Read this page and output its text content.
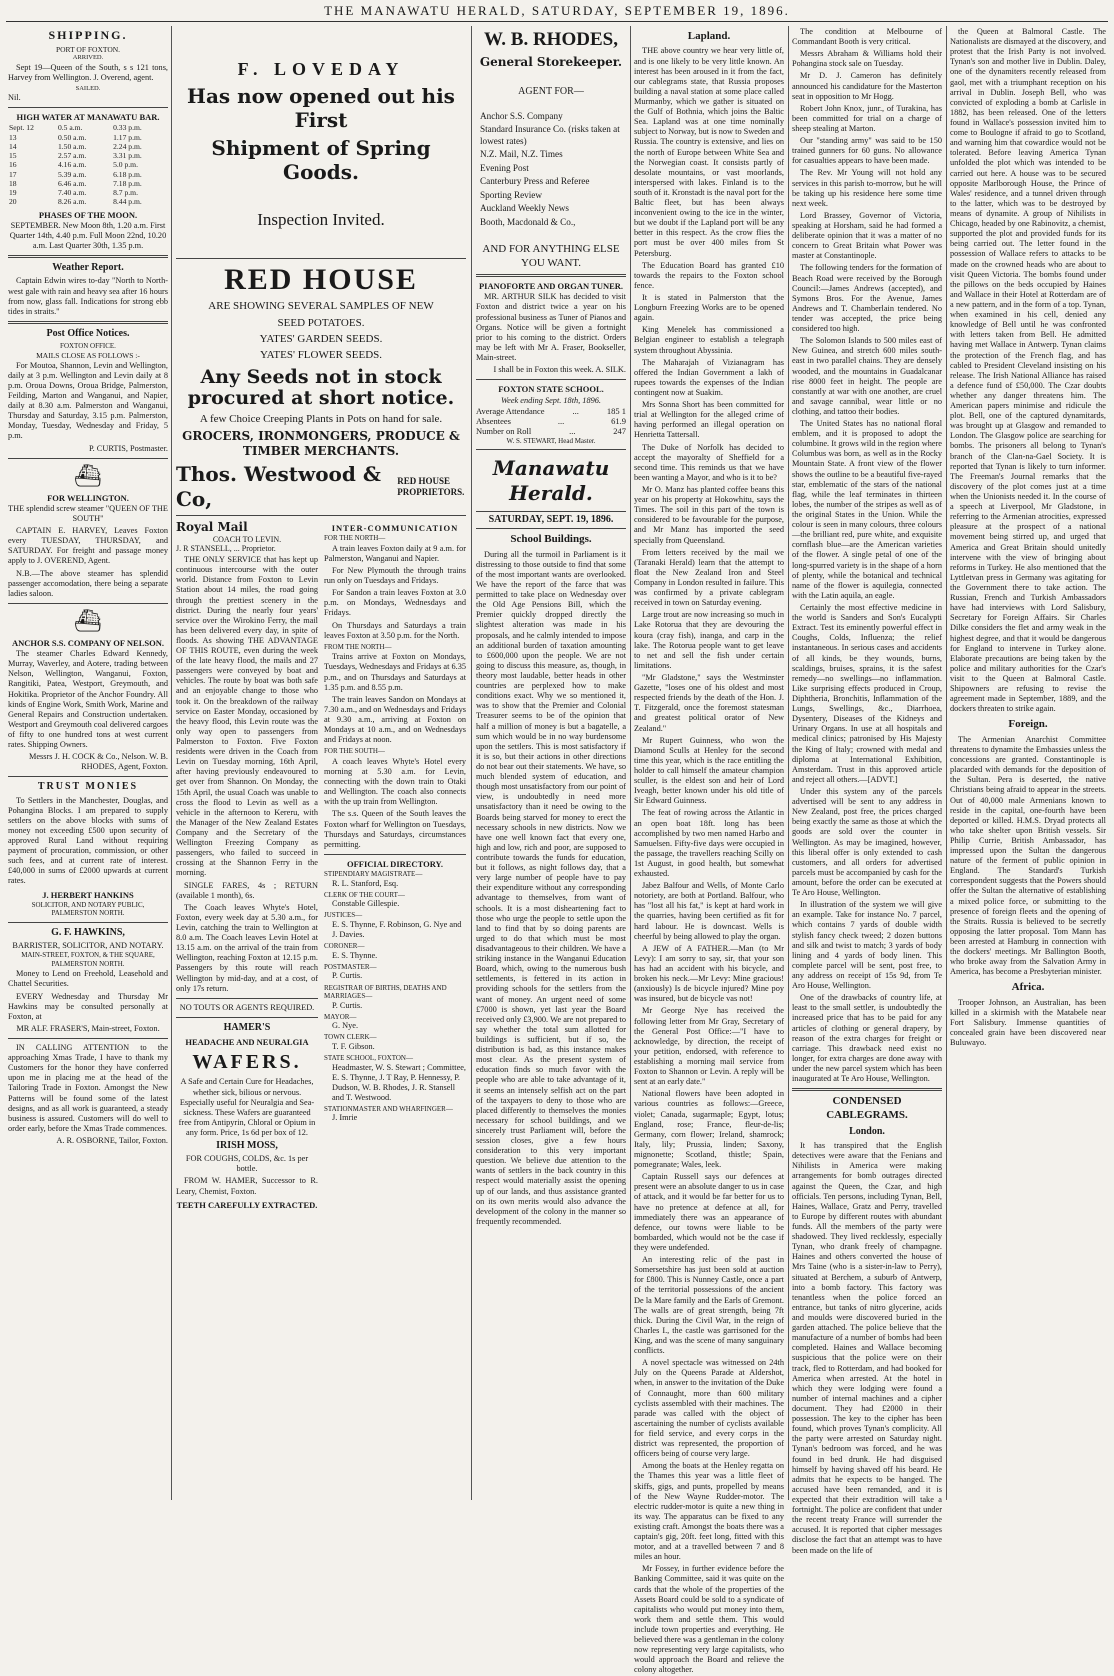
THE MANAWATU HERALD, SATURDAY, SEPTEMBER 19, 1896.
SHIPPING.
PORT OF FOXTON.
ARRIVED.

Sept 19—Queen of the South, s s 121 tons, Harvey from Wellington. J. Overend, agent.

SAILED.
Nil.
HIGH WATER AT MANAWATU BAR.
Sept. 12	0.5 a.m.	0.33 p.m.
13	0.50 a.m.	1.17 p.m.
14	1.50 a.m.	2.24 p.m.
15	2.57 a.m.	3.31 p.m.
16	4.16 a.m.	5.0 p.m.
17	5.39 a.m.	6.18 p.m.
18	6.46 a.m.	7.18 p.m.
19	7.40 a.m.	8.7 p.m.
20	8.26 a.m.	8.44 p.m.
PHASES OF THE MOON.

SEPTEMBER. New Moon 8th, 1.20 a.m. First Quarter 14th, 4.40 p.m. Full Moon 22nd, 10.20 a.m. Last Quarter 30th, 1.35 p.m.

Weather Report.

Captain Edwin wires to-day "North to North-west gale with rain and heavy sea after 16 hours from now, glass fall. Indications for strong ebb tides in straits."

Post Office Notices.
FOXTON OFFICE.
MAILS CLOSE AS FOLLOWS :-

For Moutoa, Shannon, Levin and Wellington, daily at 3 p.m. Wellington and Levin daily at 8 p.m. Oroua Downs, Oroua Bridge, Palmerston, Feilding, Marton and Wanganui, and Napier, daily at 8.30 a.m. Palmerston and Wanganui, Thursday and Saturday, 3.15 p.m. Palmerston, Monday, Tuesday, Wednesday and Friday, 5 p.m.

P. CURTIS, Postmaster.
⛴
FOR WELLINGTON.

THE splendid screw steamer "QUEEN OF THE SOUTH"

CAPTAIN E. HARVEY, Leaves Foxton every TUESDAY, THURSDAY, and SATURDAY. For freight and passage money apply to J. OVEREND, Agent.

N.B.—The above steamer has splendid passenger accomodation, there being a separate ladies saloon.

⛴
ANCHOR S.S. COMPANY OF NELSON.

The steamer Charles Edward Kennedy, Murray, Waverley, and Aotere, trading between Nelson, Wellington, Wanganui, Foxton, Rangitiki, Patea, Westport, Greymouth, and Hokitika. Proprietor of the Anchor Foundry. All kinds of Engine Work, Smith Work, Marine and General Repairs and Construction undertaken. Westport and Greymouth coal delivered cargoes of fifty to one hundred tons at west current rates. Shipping Owners.

Messrs J. H. COCK & Co., Nelson. W. B. RHODES, Agent, Foxton.

TRUST MONIES

To Settlers in the Manchester, Douglas, and Pohangina Blocks. I am prepared to supply settlers on the above blocks with sums of money not exceeding £500 upon security of approved Rural Land without requiring payment of procuration, commission, or other such fees, and at current rate of interest. £40,000 in sums of £2000 upwards at current rates.

J. HERBERT HANKINS
SOLICITOR, AND NOTARY PUBLIC, PALMERSTON NORTH.
G. F. HAWKINS,
BARRISTER, SOLICITOR, AND NOTARY.
MAIN-STREET, FOXTON, & THE SQUARE, PALMERSTON NORTH.

Money to Lend on Freehold, Leasehold and Chattel Securities.

EVERY Wednesday and Thursday Mr Hawkins may be consulted personally at Foxton, at

MR ALF. FRASER'S, Main-street, Foxton.

IN CALLING ATTENTION to the approaching Xmas Trade, I have to thank my Customers for the honor they have conferred upon me in placing me at the head of the Tailoring Trade in Foxton. Amongst the New Patterns will be found some of the latest designs, and as all work is guaranteed, a steady business is assured. Customers will do well to order early, before the Xmas Trade commences.

A. R. OSBORNE, Tailor, Foxton.

F. LOVEDAY
Has now opened out his First
Shipment of Spring Goods.
Inspection Invited.
RED HOUSE
ARE SHOWING SEVERAL SAMPLES OF NEW
SEED POTATOES.
YATES' GARDEN SEEDS.
YATES' FLOWER SEEDS.
Any Seeds not in stock procured at short notice.
A few Choice Creeping Plants in Pots on hand for sale.
GROCERS, IRONMONGERS, PRODUCE & TIMBER MERCHANTS.
Thos. Westwood & Co,
RED HOUSE PROPRIETORS.
Royal Mail
COACH TO LEVIN.
J. R STANSELL, ... Proprietor.

THE ONLY SERVICE that has kept up continuous intercourse with the outer world. Distance from Foxton to Levin Station about 14 miles, the road going through the prettiest scenery in the district. During the nearly four years' service over the Wirokino Ferry, the mail has been delivered every day, in spite of floods. As showing THE ADVANTAGE OF THIS ROUTE, even during the week of the late heavy flood, the mails and 27 passengers were conveyed by boat and vehicles. The route by boat was both safe and an enjoyable change to those who took it. On the breakdown of the railway service on Easter Monday, occasioned by the heavy flood, this Levin route was the only way open to passengers from Palmerston to Foxton. Five Foxton residents were driven in the Coach from Levin on Tuesday morning, 16th April, after having previously endeavoured to get over from Shannon. On Monday, the 15th April, the usual Coach was unable to cross the flood to Levin as well as a vehicle in the afternoon to Kereru, with the Manager of the New Zealand Estates Company and the Secretary of the Wellington Freezing Company as passengers, who failed to succeed in crossing at the Shannon Ferry in the morning.

SINGLE FARES, 4s ; RETURN (available 1 month), 6s.

The Coach leaves Whyte's Hotel, Foxton, every week day at 5.30 a.m., for Levin, catching the train to Wellington at 8.0 a.m. The Coach leaves Levin Hotel at 13.15 a.m. on the arrival of the train from Wellington, reaching Foxton at 12.15 p.m. Passengers by this route will reach Wellington by mid-day, and at a cost, of only 17s return.

NO TOUTS OR AGENTS REQUIRED.
HAMER'S
HEADACHE AND NEURALGIA
WAFERS.

A Safe and Certain Cure for Headaches, whether sick, bilious or nervous. Especially useful for Neuralgia and Sea-sickness. These Wafers are guaranteed free from Antipyrin, Chloral or Opium in any form. Price, 1s 6d per box of 12.

IRISH MOSS,

FOR COUGHS, COLDS, &c. 1s per bottle.

FROM W. HAMER, Successor to R. Leary, Chemist, Foxton.

TEETH CAREFULLY EXTRACTED.
INTER-COMMUNICATION
FOR THE NORTH—

A train leaves Foxton daily at 9 a.m. for Palmerston, Wanganui and Napier.

For New Plymouth the through trains run only on Tuesdays and Fridays.

For Sandon a train leaves Foxton at 3.0 p.m. on Mondays, Wednesdays and Fridays.

On Thursdays and Saturdays a train leaves Foxton at 3.50 p.m. for the North.

FROM THE NORTH—

Trains arrive at Foxton on Mondays, Tuesdays, Wednesdays and Fridays at 6.35 p.m., and on Thursdays and Saturdays at 1.35 p.m. and 8.55 p.m.

The train leaves Sandon on Mondays at 7.30 a.m., and on Wednesdays and Fridays at 9.30 a.m., arriving at Foxton on Mondays at 10 a.m., and on Wednesdays and Fridays at noon.

FOR THE SOUTH—

A coach leaves Whyte's Hotel every morning at 5.30 a.m. for Levin, connecting with the down train to Otaki and Wellington. The coach also connects with the up train from Wellington.

The s.s. Queen of the South leaves the Foxton wharf for Wellington on Tuesdays, Thursdays and Saturdays, circumstances permitting.

OFFICIAL DIRECTORY.
STIPENDIARY MAGISTRATE—
R. L. Stanford, Esq.
CLERK OF THE COURT—
Constable Gillespie.
JUSTICES—
E. S. Thynne, F. Robinson, G. Nye and J. Davies.
CORONER—
E. S. Thynne.
POSTMASTER—
P. Curtis.
REGISTRAR OF BIRTHS, DEATHS AND MARRIAGES—
P. Curtis.
MAYOR—
G. Nye.
TOWN CLERK—
T. F. Gibson.
STATE SCHOOL, FOXTON—
Headmaster, W. S. Stewart ; Committee, E. S. Thynne, J. T Ray, P. Hennessy, P. Dudson, W. B. Rhodes, J. R. Stansell and T. Westwood.
STATIONMASTER AND WHARFINGER—
J. Imrie
W. B. RHODES,
General Storekeeper.
AGENT FOR—
Anchor S.S. Company
Standard Insurance Co. (risks taken at lowest rates)
N.Z. Mail, N.Z. Times
Evening Post
Canterbury Press and Referee
Sporting Review
Auckland Weekly News
Booth, Macdonald & Co.,
AND FOR ANYTHING ELSE YOU WANT.
PIANOFORTE AND ORGAN TUNER.

MR. ARTHUR SILK has decided to visit Foxton and district twice a year on his professional business as Tuner of Pianos and Organs. Notice will be given a fortnight prior to his coming to the district. Orders may be left with Mr A. Fraser, Bookseller, Main-street.

I shall be in Foxton this week. A. SILK.

FOXTON STATE SCHOOL.
Week ending Sept. 18th, 1896.
Average Attendance	...	185 1
Absentees	...	61.9
Number on Roll	...	247
W. S. STEWART, Head Master.
Manawatu Herald.
SATURDAY, SEPT. 19, 1896.
School Buildings.

During all the turmoil in Parliament is it distressing to those outside to find that some of the most important wants are overlooked. We have the report of the farce that was permitted to take place on Wednesday over the Old Age Pensions Bill, which the Premier quickly dropped directly the slightest alteration was made in his proposals, and he calmly intended to impose an additional burden of taxation amounting to £600,000 upon the people. We are not going to discuss this measure, as, though, in theory most laudable, better heads in other countries are perplexed how to make conditions exact. Why we so mentioned it, was to show that the Premier and Colonial Treasurer seems to be of the opinion that half a million of money is but a bagatelle, a sum which would be in no way burdensome upon the settlers. This is most satisfactory if it is so, but their actions in other directions do not bear out their statements. We have, so much blended system of education, and though most unsatisfactory from our point of view, is undoubtedly in need more unsatisfactory than it need be owing to the Boards being starved for money to erect the necessary schools in new districts. Now we have one well known fact that every one, high and low, rich and poor, are supposed to contribute towards the funds for education, but it follows, as night follows day, that a very large number of people have to pay their expenditure without any corresponding advantage to themselves, from want of schools. It is a most disheartening fact to those who urge the people to settle upon the land to find that by so doing parents are urged to do that which must be most disadvantageous to their children. We have a striking instance in the Wanganui Education Board, which, owing to the numerous bush settlements, is fettered in its action in providing schools for the settlers from the want of money. An urgent need of some £7000 is shown, yet last year the Board received only £3,900. We are not prepared to say whether the total sum allotted for buildings is sufficient, but if so, the distribution is bad, as this instance makes most clear. As the present system of education finds so much favor with the people who are able to take advantage of it, it seems an intensely selfish act on the part of the taxpayers to deny to those who are placed differently to themselves the monies necessary for school buildings, and we sincerely trust Parliament will, before the session closes, give a few hours consideration to this very important question. We believe due attention to the wants of settlers in the back country in this respect would materially assist the opening up of our lands, and thus assistance granted on its own merits would also advance the development of the colony in the manner so frequently recommended.

Lapland.

THE above country we hear very little of, and is one likely to be very little known. An interest has been aroused in it from the fact, our cablegrams state, that Russia proposes building a naval station at some place called Murmanby, which we gather is situated on the Gulf of Bothnia, which joins the Baltic Sea. Lapland was at one time nominally subject to Norway, but is now to Sweden and Russia. The country is extensive, and lies on the north of Europe between White Sea and the Norwegian coast. It consists partly of desolate mountains, or vast moorlands, interspersed with lakes. Finland is to the south of it. Kronstadt is the naval port for the Baltic fleet, but has been always inconvenient owing to the ice in the winter, but we doubt if the Lapland port will be any better in this respect. As the crow flies the port must be over 400 miles from St Petersburg.

The Education Board has granted £10 towards the repairs to the Foxton school fence.

It is stated in Palmerston that the Longburn Freezing Works are to be opened again.

King Menelek has commissioned a Belgian engineer to establish a telegraph system throughout Abyssinia.

The Maharajah of Vizianagram has offered the Indian Government a lakh of rupees towards the expenses of the Indian contingent now at Suakim.

Mrs Sonna Short has been committed for trial at Wellington for the alleged crime of having performed an illegal operation on Henrietta Tattersall.

The Duke of Norfolk has decided to accept the mayoralty of Sheffield for a second time. This reminds us that we have been wanting a Mayor, and who is it to be?

Mr O. Manz has planted coffee beans this year on his property at Hokowhitu, says the Times. The soil in this part of the town is considered to be favourable for the purpose, and Mr Manz has imported the seed specially from Queensland.

From letters received by the mail we (Taranaki Herald) learn that the attempt to float the New Zealand Iron and Steel Company in London resulted in failure. This was confirmed by a private cablegram received in town on Saturday evening.

Large trout are now increasing so much in Lake Rotorua that they are devouring the koura (cray fish), inanga, and carp in the lake. The Rotorua people want to get leave to net and sell the fish under certain limitations.

"Mr Gladstone," says the Westminster Gazette, "loses one of his oldest and most respected friends by the death of the Hon. J. T. Fitzgerald, once the foremost statesman and greatest political orator of New Zealand."

Mr Rupert Guinness, who won the Diamond Sculls at Henley for the second time this year, which is the race entitling the holder to call himself the amateur champion sculler, is the eldest son and heir of Lord Iveagh, better known under his old title of Sir Edward Guinness.

The feat of rowing across the Atlantic in an open boat 18ft. long has been accomplished by two men named Harbo and Samuelsen. Fifty-five days were occupied in the passage, the travellers reaching Scilly on 1st August, in good health, but somewhat exhausted.

Jabez Balfour and Wells, of Monte Carlo notoriety, are both at Portland. Balfour, who has "lost all his fat," is kept at hard work in the quarries, having been certified as fit for hard labour. He is downcast. Wells is cheerful by being allowed to play the organ.

A JEW of A FATHER.—Man (to Mr Levy): I am sorry to say, sir, that your son has had an accident with his bicycle, and broken his neck.—Mr Levy: Mine gracious! (anxiously) Is de bicycle injured? Mine poy was insured, but de bicycle vas not!

Mr George Nye has received the following letter from Mr Gray, Secretary of the General Post Office:—"I have to acknowledge, by direction, the receipt of your petition, endorsed, with reference to establishing a morning mail service from Foxton to Shannon or Levin. A reply will be sent at an early date."

National flowers have been adopted in various countries as follows:—Greece, violet; Canada, sugarmaple; Egypt, lotus; England, rose; France, fleur-de-lis; Germany, corn flower; Ireland, shamrock; Italy, lily; Prussia, linden; Saxony, mignonette; Scotland, thistle; Spain, pomegranate; Wales, leek.

Captain Russell says our defences at present were an absolute danger to us in case of attack, and it would be far better for us to have no pretence at defence at all, for immediately there was an appearance of defence, our towns were liable to be bombarded, which would not be the case if they were undefended.

An interesting relic of the past in Somersetshire has just been sold at auction for £800. This is Nunney Castle, once a part of the territorial possessions of the ancient De la Mare family and the Earls of Gremont. The walls are of great strength, being 7ft thick. During the Civil War, in the reign of Charles I., the castle was garrisoned for the King, and was the scene of many sanguinary conflicts.

A novel spectacle was witnessed on 24th July on the Queens Parade at Aldershot, when, in answer to the invitation of the Duke of Connaught, more than 600 military cyclists assembled with their machines. The parade was called with the object of ascertaining the number of cyclists available for field service, and every corps in the district was represented, the proportion of officers being of course very large.

Among the boats at the Henley regatta on the Thames this year was a little fleet of skiffs, gigs, and punts, propelled by means of the New Wayne Rudder-motor. The electric rudder-motor is quite a new thing in its way. The apparatus can be fixed to any existing craft. Amongst the boats there was a captain's gig, 20ft. feet long, fitted with this motor, and at a travelled between 7 and 8 miles an hour.

Mr Fossey, in further evidence before the Banking Committee, said it was quite on the cards that the whole of the properties of the Assets Board could be sold to a syndicate of capitalists who would put money into them, work them and settle them. This would include town properties and everything. He believed there was a gentleman in the colony now representing very large capitalists, who would approach the Board and relieve the colony altogether.

The condition at Melbourne of Commandant Booth is very critical.

Messrs Abraham & Williams hold their Pohangina stock sale on Tuesday.

Mr D. J. Cameron has definitely announced his candidature for the Masterton seat in opposition to Mr Hogg.

Robert John Knox, junr., of Turakina, has been committed for trial on a charge of sheep stealing at Marton.

Our "standing army" was said to be 150 trained gunners for 60 guns. No allowance for casualties appears to have been made.

The Rev. Mr Young will not hold any services in this parish to-morrow, but he will be taking up his residence here some time next week.

Lord Brassey, Governor of Victoria, speaking at Horsham, said he had formed a deliberate opinion that it was a matter of no concern to Great Britain what Power was master at Constantinople.

The following tenders for the formation of Beach Road were received by the Borough Council:—James Andrews (accepted), and Symons Bros. For the Avenue, James Andrews and T. Chamberlain tendered. No tender was accepted, the price being considered too high.

The Solomon Islands to 500 miles east of New Guinea, and stretch 600 miles south-east in two parallel chains. They are densely wooded, and the mountains in Guadalcanar rise 8000 feet in height. The people are constantly at war with one another, are cruel and savage cannibal, wear little or no clothing, and tattoo their bodies.

The United States has no national floral emblem, and it is proposed to adopt the columbine. It grows wild in the region where Columbus was born, as well as in the Rocky Mountain State. A front view of the flower shows the outline to be a beautiful five-rayed star, emblematic of the stars of the national flag, while the leaf terminates in thirteen lobes, the number of the stripes as well as of the original States in the Union. While the colour is seen in many colours, three colours—the brilliant red, pure white, and exquisite cornflash blue—are the American varieties of the flower. A single petal of one of the long-spurred variety is in the shape of a horn of plenty, while the botanical and technical name of the flower is aquilegia, connected with the Latin aquila, an eagle.

Certainly the most effective medicine in the world is Sanders and Son's Eucalypti Extract. Test its eminently powerful effect in Coughs, Colds, Influenza; the relief instantaneous. In serious cases and accidents of all kinds, be they wounds, burns, scaldings, bruises, sprains, it is the safest remedy—no swellings—no inflammation. Like surprising effects produced in Croup, Diphtheria, Bronchitis, Inflammation of the Lungs, Swellings, &c., Diarrhoea, Dysentery, Diseases of the Kidneys and Urinary Organs. In use at all hospitals and medical clinics; patronised by His Majesty the King of Italy; crowned with medal and diploma at International Exhibition, Amsterdam. Trust in this approved article and reject all others.—[ADVT.]

Under this system any of the parcels advertised will be sent to any address in New Zealand, post free, the prices charged being exactly the same as those at which the goods are sold over the counter in Wellington. As may be imagined, however, this liberal offer is only extended to cash customers, and all orders for advertised parcels must be accompanied by cash for the amount, before the order can be executed at Te Aro House, Wellington.

In illustration of the system we will give an example. Take for instance No. 7 parcel, which contains 7 yards of double width stylish fancy check tweed; 2 dozen buttons and silk and twist to match; 3 yards of body lining and 4 yards of body linen. This complete parcel will be sent, post free, to any address on receipt of 15s 9d, from Te Aro House, Wellington.

One of the drawbacks of country life, at least to the small settler, is undoubtedly the increased price that has to be paid for any articles of clothing or general drapery, by reason of the extra charges for freight or carriage. This drawback need exist no longer, for extra charges are done away with under the new parcel system which has been inaugurated at Te Aro House, Wellington.

CONDENSED CABLEGRAMS.
London.

It has transpired that the English detectives were aware that the Fenians and Nihilists in America were making arrangements for bomb outrages directed against the Queen, the Czar, and high officials. Ten persons, including Tynan, Bell, Haines, Wallace, Gratz and Perry, travelled to Europe by different routes with abundant funds. All the members of the party were shadowed. They lived recklessly, especially Tynan, who drank freely of champagne. Haines and others converted the house of Mrs Taine (who is a sister-in-law to Perry), situated at Berchem, a suburb of Antwerp, into a bomb factory. This factory was tenantless when the police forced an entrance, but tanks of nitro glycerine, acids and moulds were discovered buried in the garden attached. The police believe that the manufacture of a number of bombs had been completed. Haines and Wallace becoming suspicious that the police were on their track, fled to Rotterdam, and had booked for America when arrested. At the hotel in which they were lodging were found a number of internal machines and a cipher document. They had £2000 in their possession. The key to the cipher has been found, which proves Tynan's complicity. All the party were arrested on Saturday night. Tynan's bedroom was forced, and he was found in bed drunk. He had disguised himself by having shaved off his beard. He admits that he expects to be hanged. The accused have been remanded, and it is expected that their extradition will take a fortnight. The police are confident that under the recent treaty France will surrender the accused. It is reported that cipher messages disclose the fact that an attempt was to have been made on the life of

the Queen at Balmoral Castle. The Nationalists are dismayed at the discovery, and protest that the Irish Party is not involved. Tynan's son and mother live in Dublin. Daley, one of the dynamiters recently released from gaol, met with a triumphant reception on his arrival in Dublin. Joseph Bell, who was convicted of exploding a bomb at Carlisle in 1882, has been released. One of the letters found in Wallace's possession invited him to come to Boulogne if afraid to go to Scotland, and warning him that cowardice would not be tolerated. Before leaving America Tynan unfolded the plot which was intended to be carried out here. A house was to be secured opposite Marlborough House, the Prince of Wales' residence, and a tunnel driven through to the latter, which was to be destroyed by means of dynamite. A group of Nihilists in Chicago, headed by one Rabinovitz, a chemist, supported the plot and provided funds for its being carried out. The letter found in the possession of Wallace refers to attacks to be made on the crowned heads who are about to visit Queen Victoria. The bombs found under the pillows on the beds occupied by Haines and Wallace in their Hotel at Rotterdam are of a new pattern, and in the form of a top. Tynan, when examined in his cell, denied any knowledge of Bell until he was confronted with letters taken from Bell. He admitted having met Wallace in Antwerp. Tynan claims the protection of the French flag, and has cabled to President Cleveland insisting on his release. The Irish National Alliance has raised a defence fund of £50,000. The Czar doubts whether any danger threatens him. The American papers minimise and ridicule the plot. Bell, one of the captured dynamitards, was brought up at Glasgow and remanded to London. The Glasgow police are searching for bombs. The prisoners all belong to Tynan's branch of the Clan-na-Gael Society. It is reported that Tynan is likely to turn informer. The Freeman's Journal remarks that the discovery of the plot comes just at a time when the Unionists needed it. In the course of a speech at Liverpool, Mr Gladstone, in referring to the Armenian atrocities, expressed pleasure at the prospect of a national movement being stirred up, and urged that America and Great Britain should unitedly intervene with the view of bringing about reforms in Turkey. He also mentioned that the Lyttletvan press in Germany was agitating for the Government there to take action. The Russian, French and Turkish Ambassadors have had interviews with Lord Salisbury, Secretary for Foreign Affairs. Sir Charles Dilke considers the flet and army weak in the highest degree, and that it would be dangerous for England to intervene in Turkey alone. Elaborate precautions are being taken by the police and military authorities for the Czar's visit to the Queen at Balmoral Castle. Shipowners are refusing to revise the agreement made in September, 1889, and the dockers threaten to strike again.

Foreign.

The Armenian Anarchist Committee threatens to dynamite the Embassies unless the concessions are granted. Constantinople is placarded with demands for the deposition of the Sultan. Pera is deserted, the native Christians being afraid to appear in the streets. Out of 40,000 male Armenians known to reside in the capital, one-fourth have been deported or killed. H.M.S. Dryad protects all who take shelter upon British vessels. Sir Philip Currie, British Ambassador, has impressed upon the Sultan the dangerous nature of the ferment of public opinion in England. The Standard's Turkish correspondent suggests that the Powers should offer the Sultan the alternative of establishing a mixed police force, or submitting to the presence of foreign fleets and the opening of the Straits. Russia is believed to be secretly opposing the latter proposal. Tom Mann has been arrested at Hamburg in connection with the dockers' meetings. Mr Ballington Booth, who broke away from the Salvation Army in America, has become a Presbyterian minister.

Africa.

Trooper Johnson, an Australian, has been killed in a skirmish with the Matabele near Fort Salisbury. Immense quantities of concealed grain have been discovered near Buluwayo.
